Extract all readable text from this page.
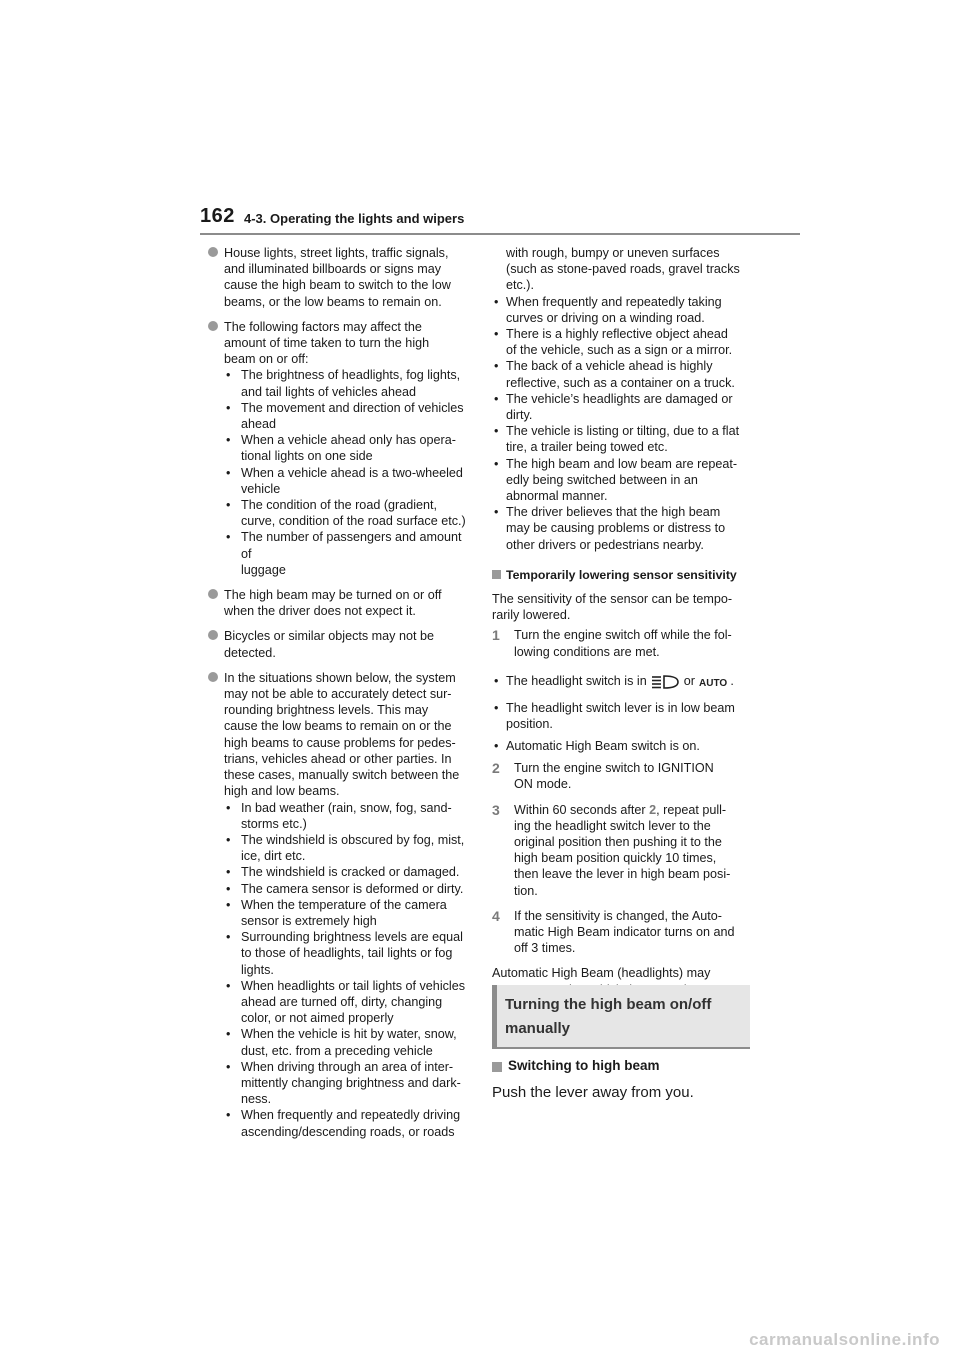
162 4-3. Operating the lights and wipers
House lights, street lights, traffic signals,
and illuminated billboards or signs may
cause the high beam to switch to the low
beams, or the low beams to remain on.
The following factors may affect the
amount of time taken to turn the high
beam on or off:
• The brightness of headlights, fog lights,
and tail lights of vehicles ahead
• The movement and direction of vehicles
ahead
• When a vehicle ahead only has opera-
tional lights on one side
• When a vehicle ahead is a two-wheeled
vehicle
• The condition of the road (gradient,
curve, condition of the road surface etc.)
• The number of passengers and amount of
luggage
The high beam may be turned on or off
when the driver does not expect it.
Bicycles or similar objects may not be
detected.
In the situations shown below, the system
may not be able to accurately detect sur-
rounding brightness levels. This may
cause the low beams to remain on or the
high beams to cause problems for pedes-
trians, vehicles ahead or other parties. In
these cases, manually switch between the
high and low beams.
• In bad weather (rain, snow, fog, sand-
storms etc.)
• The windshield is obscured by fog, mist,
ice, dirt etc.
• The windshield is cracked or damaged.
• The camera sensor is deformed or dirty.
• When the temperature of the camera
sensor is extremely high
• Surrounding brightness levels are equal
to those of headlights, tail lights or fog
lights.
• When headlights or tail lights of vehicles
ahead are turned off, dirty, changing
color, or not aimed properly
• When the vehicle is hit by water, snow,
dust, etc. from a preceding vehicle
• When driving through an area of inter-
mittently changing brightness and dark-
ness.
• When frequently and repeatedly driving
ascending/descending roads, or roads
with rough, bumpy or uneven surfaces
(such as stone-paved roads, gravel tracks
etc.).
• When frequently and repeatedly taking
curves or driving on a winding road.
• There is a highly reflective object ahead
of the vehicle, such as a sign or a mirror.
• The back of a vehicle ahead is highly
reflective, such as a container on a truck.
• The vehicle’s headlights are damaged or
dirty.
• The vehicle is listing or tilting, due to a flat
tire, a trailer being towed etc.
• The high beam and low beam are repeat-
edly being switched between in an
abnormal manner.
• The driver believes that the high beam
may be causing problems or distress to
other drivers or pedestrians nearby.
Temporarily lowering sensor sensitivity
The sensitivity of the sensor can be tempo-
rarily lowered.
1 Turn the engine switch off while the fol-
lowing conditions are met.
• The headlight switch is in	or AUTO .
• The headlight switch lever is in low beam
position.
• Automatic High Beam switch is on.
2 Turn the engine switch to IGNITION
ON mode.
3 Within 60 seconds after 2, repeat pull-
ing the headlight switch lever to the
original position then pushing it to the
high beam position quickly 10 times,
then leave the lever in high beam posi-
tion.
4 If the sensitivity is changed, the Auto-
matic High Beam indicator turns on and
off 3 times.
Automatic High Beam (headlights) may
Turning the high beam on/off
manually
Switching to high beam
Push the lever away from you.
carmanualsonline.info
